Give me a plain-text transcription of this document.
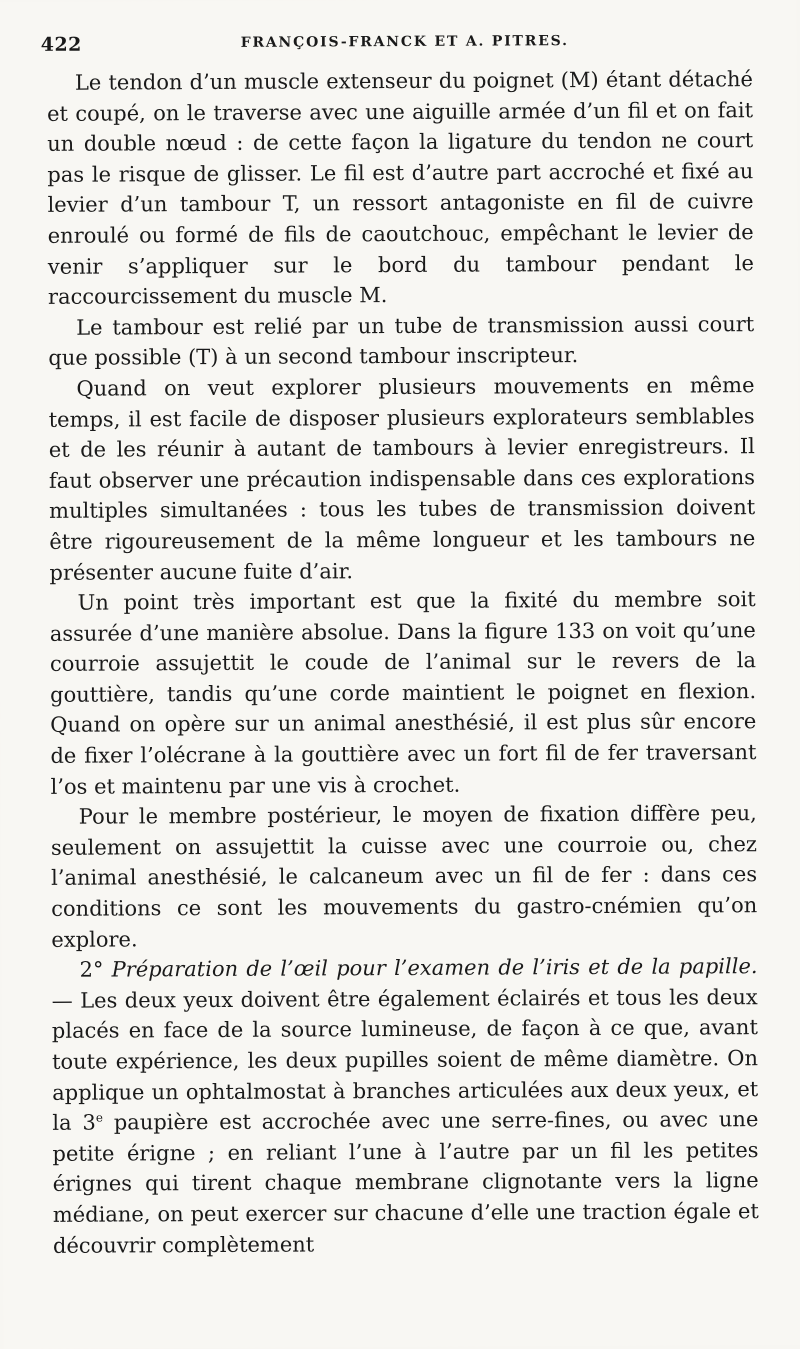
422	FRANÇOIS-FRANCK ET A. PITRES.

Le tendon d’un muscle extenseur du poignet (M) étant détaché et coupé, on le traverse avec une aiguille armée d’un fil et on fait un double nœud : de cette façon la ligature du tendon ne court pas le risque de glisser. Le fil est d’autre part accroché et fixé au levier d’un tambour T, un ressort antagoniste en fil de cuivre enroulé ou formé de fils de caoutchouc, empêchant le levier de venir s’appliquer sur le bord du tambour pendant le raccourcissement du muscle M.

Le tambour est relié par un tube de transmission aussi court que possible (T) à un second tambour inscripteur.

Quand on veut explorer plusieurs mouvements en même temps, il est facile de disposer plusieurs explorateurs semblables et de les réunir à autant de tambours à levier enregistreurs. Il faut observer une précaution indispensable dans ces explorations multiples simultanées : tous les tubes de transmission doivent être rigoureusement de la même longueur et les tambours ne présenter aucune fuite d’air.

Un point très important est que la fixité du membre soit assurée d’une manière absolue. Dans la figure 133 on voit qu’une courroie assujettit le coude de l’animal sur le revers de la gouttière, tandis qu’une corde maintient le poignet en flexion. Quand on opère sur un animal anesthésié, il est plus sûr encore de fixer l’olécrane à la gouttière avec un fort fil de fer traversant l’os et maintenu par une vis à crochet.

Pour le membre postérieur, le moyen de fixation diffère peu, seulement on assujettit la cuisse avec une courroie ou, chez l’animal anesthésié, le calcaneum avec un fil de fer : dans ces conditions ce sont les mouvements du gastro-cnémien qu’on explore.

2° Préparation de l’œil pour l’examen de l’iris et de la papille. — Les deux yeux doivent être également éclairés et tous les deux placés en face de la source lumineuse, de façon à ce que, avant toute expérience, les deux pupilles soient de même diamètre. On applique un ophtalmostat à branches articulées aux deux yeux, et la 3e paupière est accrochée avec une serre-fines, ou avec une petite érigne ; en reliant l’une à l’autre par un fil les petites érignes qui tirent chaque membrane clignotante vers la ligne médiane, on peut exercer sur chacune d’elle une traction égale et découvrir complètement
